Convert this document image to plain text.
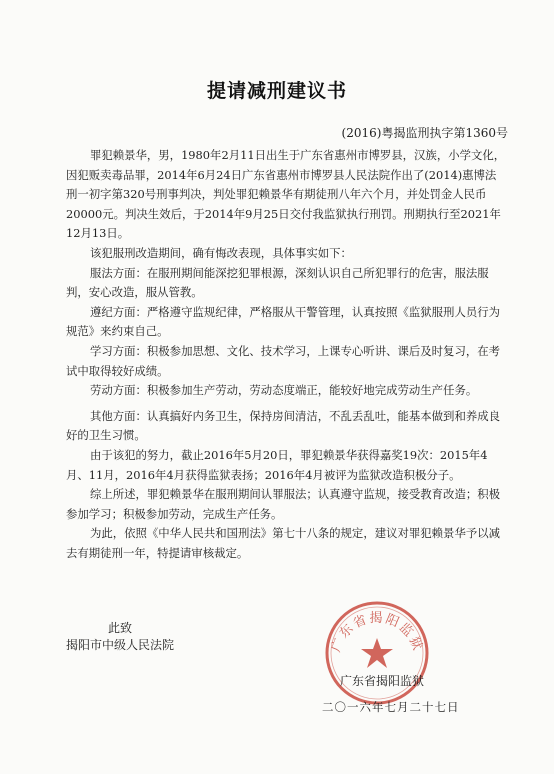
提请减刑建议书
(2016)粤揭监刑执字第1360号

罪犯赖景华，男，1980年2月11日出生于广东省惠州市博罗县，汉族，小学文化，因犯贩卖毒品罪，2014年6月24日广东省惠州市博罗县人民法院作出了(2014)惠博法刑一初字第320号刑事判决，判处罪犯赖景华有期徒刑八年六个月，并处罚金人民币20000元。判决生效后，于2014年9月25日交付我监狱执行刑罚。刑期执行至2021年12月13日。

该犯服刑改造期间，确有悔改表现，具体事实如下：

服法方面：在服刑期间能深挖犯罪根源，深刻认识自己所犯罪行的危害，服法服判，安心改造，服从管教。

遵纪方面：严格遵守监规纪律，严格服从干警管理，认真按照《监狱服刑人员行为规范》来约束自己。

学习方面：积极参加思想、文化、技术学习，上课专心听讲、课后及时复习，在考试中取得较好成绩。

劳动方面：积极参加生产劳动，劳动态度端正，能较好地完成劳动生产任务。

其他方面：认真搞好内务卫生，保持房间清洁，不乱丢乱吐，能基本做到和养成良好的卫生习惯。

由于该犯的努力，截止2016年5月20日，罪犯赖景华获得嘉奖19次：2015年4月、11月，2016年4月获得监狱表扬；2016年4月被评为监狱改造积极分子。

综上所述，罪犯赖景华在服刑期间认罪服法；认真遵守监规，接受教育改造；积极参加学习；积极参加劳动，完成生产任务。

为此，依照《中华人民共和国刑法》第七十八条的规定，建议对罪犯赖景华予以减去有期徒刑一年，特提请审核裁定。

此致
揭阳市中级人民法院	广东省揭阳监狱
广东省揭阳监狱
二〇一六年七月二十七日
